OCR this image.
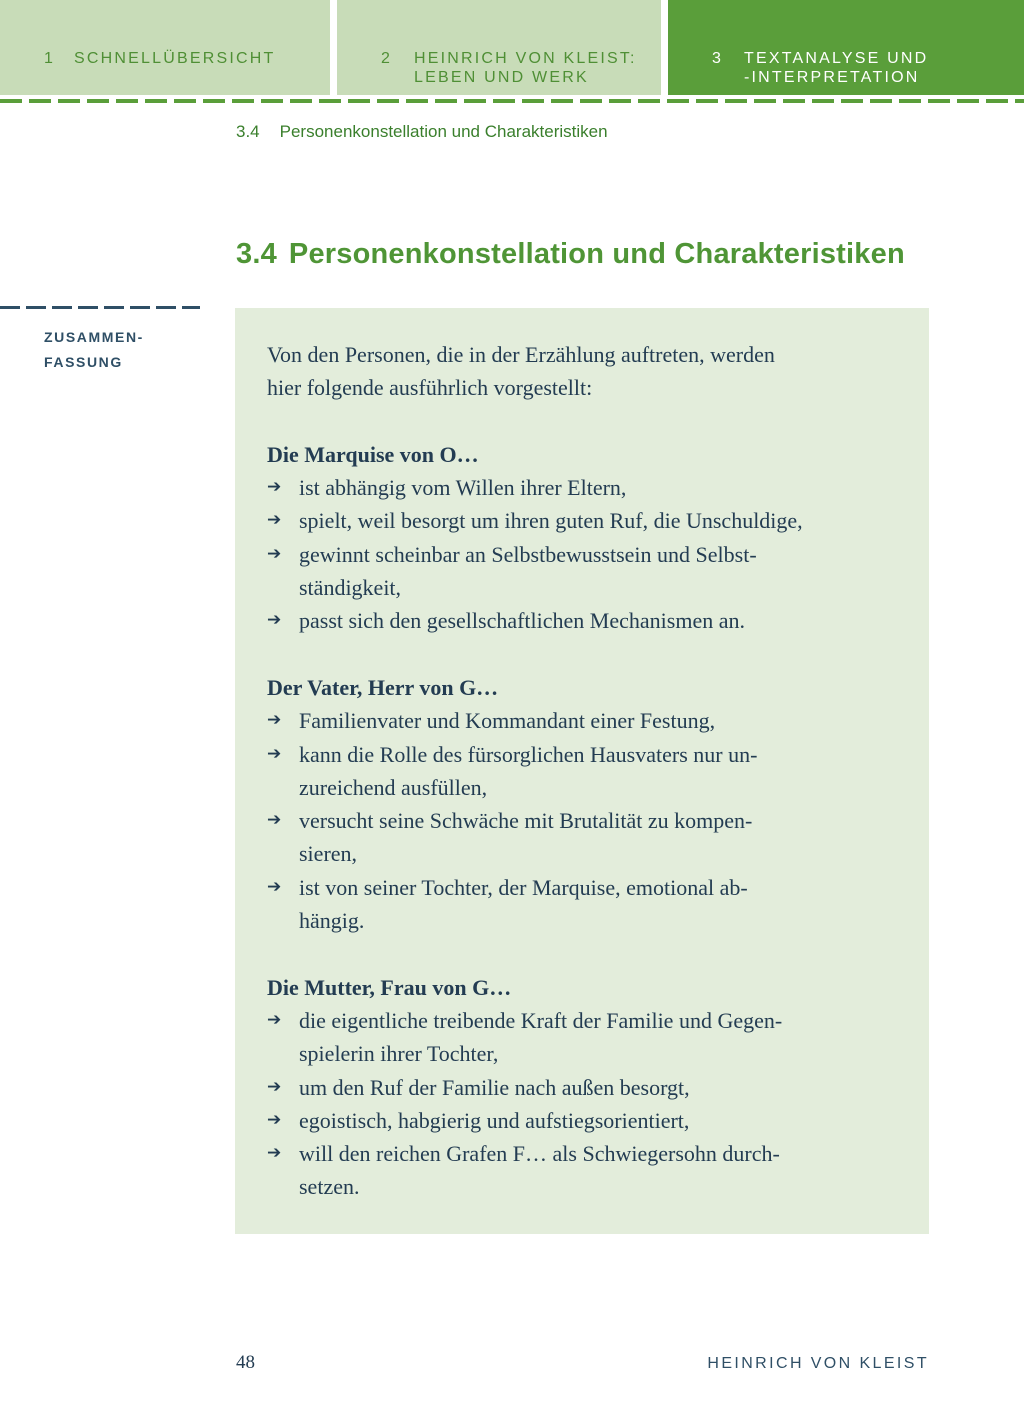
1 SCHNELLÜBERSICHT	2 HEINRICH VON KLEIST:
LEBEN UND WERK
3 TEXTANALYSE UND
-INTERPRETATION
3.4 Personenkonstellation und Charakteristiken
3.4 Personenkonstellation und Charakteristiken
ZUSAMMEN-
FASSUNG	Von den Personen, die in der Erzählung auftreten, werden

hier folgende ausführlich vorgestellt:

Die Marquise von O…

➔ ist abhängig vom Willen ihrer Eltern,
➔ spielt, weil besorgt um ihren guten Ruf, die Unschuldige,
➔ gewinnt scheinbar an Selbstbewusstsein und Selbst-
ständigkeit,
➔ passt sich den gesellschaftlichen Mechanismen an.

Der Vater, Herr von G…

➔ Familienvater und Kommandant einer Festung,
➔ kann die Rolle des fürsorglichen Hausvaters nur un-
zureichend ausfüllen,
➔ versucht seine Schwäche mit Brutalität zu kompen-
sieren,
➔ ist von seiner Tochter, der Marquise, emotional ab-
hängig.

Die Mutter, Frau von G…

➔ die eigentliche treibende Kraft der Familie und Gegen-
spielerin ihrer Tochter,
➔ um den Ruf der Familie nach außen besorgt,
➔ egoistisch, habgierig und aufstiegsorientiert,
➔ will den reichen Grafen F… als Schwiegersohn durch-
setzen.
48	HEINRICH VON KLEIST
